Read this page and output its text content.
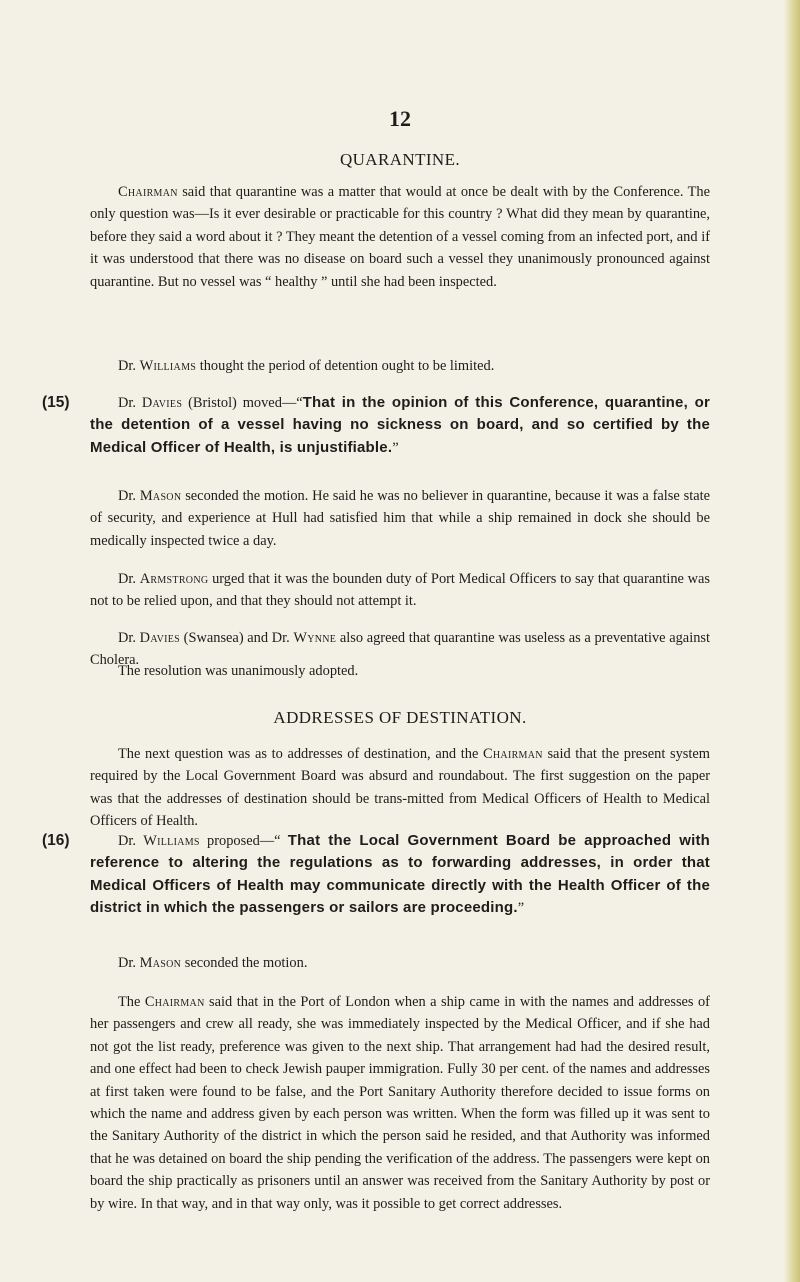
12
QUARANTINE.

Chairman said that quarantine was a matter that would at once be dealt with by the Conference. The only question was—Is it ever desirable or practicable for this country ? What did they mean by quarantine, before they said a word about it ? They meant the detention of a vessel coming from an infected port, and if it was understood that there was no disease on board such a vessel they unanimously pronounced against quarantine. But no vessel was “ healthy ” until she had been inspected.

Dr. Williams thought the period of detention ought to be limited.

(15)	Dr. Davies (Bristol) moved—“That in the opinion of this Conference, quarantine, or the detention of a vessel having no sickness on board, and so certified by the Medical Officer of Health, is unjustifiable.”

Dr. Mason seconded the motion. He said he was no believer in quarantine, because it was a false state of security, and experience at Hull had satisfied him that while a ship remained in dock she should be medically inspected twice a day.

Dr. Armstrong urged that it was the bounden duty of Port Medical Officers to say that quarantine was not to be relied upon, and that they should not attempt it.

Dr. Davies (Swansea) and Dr. Wynne also agreed that quarantine was useless as a preventative against Cholera.

The resolution was unanimously adopted.

ADDRESSES OF DESTINATION.

The next question was as to addresses of destination, and the Chairman said that the present system required by the Local Government Board was absurd and roundabout. The first suggestion on the paper was that the addresses of destination should be trans-mitted from Medical Officers of Health to Medical Officers of Health.

(16)	Dr. Williams proposed—“ That the Local Government Board be approached with reference to altering the regulations as to forwarding addresses, in order that Medical Officers of Health may communicate directly with the Health Officer of the district in which the passengers or sailors are proceeding.”

Dr. Mason seconded the motion.

The Chairman said that in the Port of London when a ship came in with the names and addresses of her passengers and crew all ready, she was immediately inspected by the Medical Officer, and if she had not got the list ready, preference was given to the next ship. That arrangement had had the desired result, and one effect had been to check Jewish pauper immigration. Fully 30 per cent. of the names and addresses at first taken were found to be false, and the Port Sanitary Authority therefore decided to issue forms on which the name and address given by each person was written. When the form was filled up it was sent to the Sanitary Authority of the district in which the person said he resided, and that Authority was informed that he was detained on board the ship pending the verification of the address. The passengers were kept on board the ship practically as prisoners until an answer was received from the Sanitary Authority by post or by wire. In that way, and in that way only, was it possible to get correct addresses.
